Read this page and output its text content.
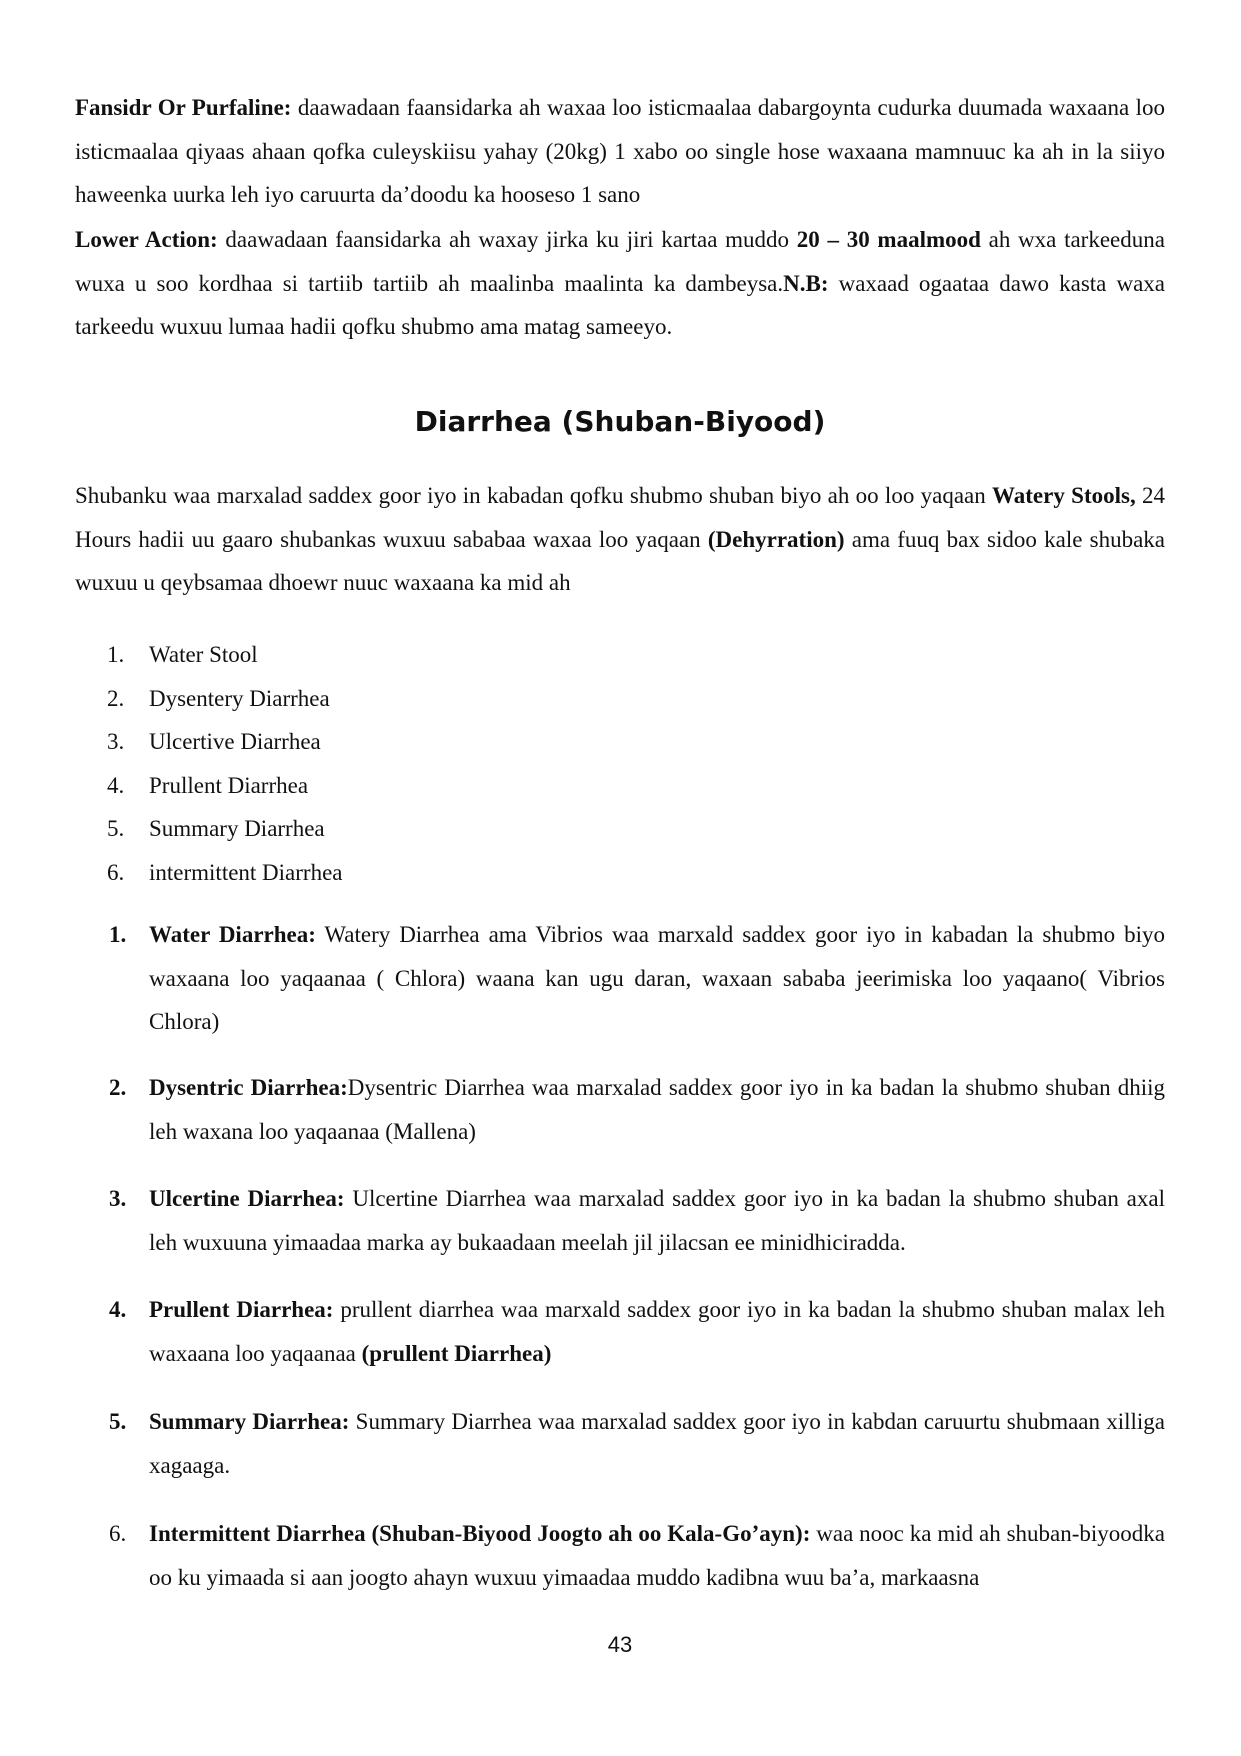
Fansidr Or Purfaline: daawadaan faansidarka ah waxaa loo isticmaalaa dabargoynta cudurka duumada waxaana loo isticmaalaa qiyaas ahaan qofka culeyskiisu yahay (20kg) 1 xabo oo single hose waxaana mamnuuc ka ah in la siiyo haweenka uurka leh iyo caruurta da’doodu ka hooseso 1 sano

Lower Action: daawadaan faansidarka ah waxay jirka ku jiri kartaa muddo 20 – 30 maalmood ah wxa tarkeeduna wuxa u soo kordhaa si tartiib tartiib ah maalinba maalinta ka dambeysa.N.B: waxaad ogaataa dawo kasta waxa tarkeedu wuxuu lumaa hadii qofku shubmo ama matag sameeyo.

Diarrhea (Shuban-Biyood)

Shubanku waa marxalad saddex goor iyo in kabadan qofku shubmo shuban biyo ah oo loo yaqaan Watery Stools, 24 Hours hadii uu gaaro shubankas wuxuu sababaa waxaa loo yaqaan (Dehyrration) ama fuuq bax sidoo kale shubaka wuxuu u qeybsamaa dhoewr nuuc waxaana ka mid ah

1.	Water Stool
2.	Dysentery Diarrhea
3.	Ulcertive Diarrhea
4.	Prullent Diarrhea
5.	Summary Diarrhea
6.	intermittent Diarrhea
1. Water Diarrhea: Watery Diarrhea ama Vibrios waa marxald saddex goor iyo in kabadan la shubmo biyo waxaana loo yaqaanaa ( Chlora) waana kan ugu daran, waxaan sababa jeerimiska loo yaqaano( Vibrios Chlora)
2. Dysentric Diarrhea:Dysentric Diarrhea waa marxalad saddex goor iyo in ka badan la shubmo shuban dhiig leh waxana loo yaqaanaa (Mallena)
3. Ulcertine Diarrhea: Ulcertine Diarrhea waa marxalad saddex goor iyo in ka badan la shubmo shuban axal leh wuxuuna yimaadaa marka ay bukaadaan meelah jil jilacsan ee minidhiciradda.
4. Prullent Diarrhea: prullent diarrhea waa marxald saddex goor iyo in ka badan la shubmo shuban malax leh waxaana loo yaqaanaa (prullent Diarrhea)
5. Summary Diarrhea: Summary Diarrhea waa marxalad saddex goor iyo in kabdan caruurtu shubmaan xilliga xagaaga.
6. Intermittent Diarrhea (Shuban-Biyood Joogto ah oo Kala-Go’ayn): waa nooc ka mid ah shuban-biyoodka oo ku yimaada si aan joogto ahayn wuxuu yimaadaa muddo kadibna wuu ba’a, markaasna
43
